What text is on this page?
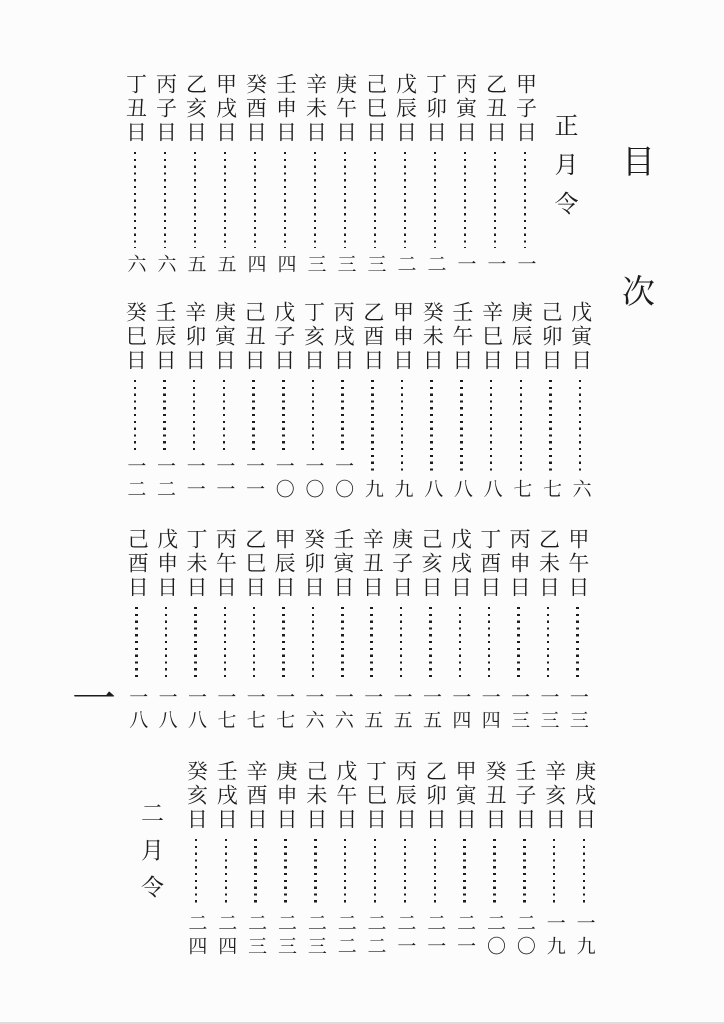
目次
正月令
甲子日
一
乙丑日
一
丙寅日
一
丁卯日
二
戊辰日
二
己巳日
三
庚午日
三
辛未日
三
壬申日
四
癸酉日
四
甲戌日
五
乙亥日
五
丙子日
六
丁丑日
六
戊寅日
六
己卯日
七
庚辰日
七
辛巳日
八
壬午日
八
癸未日
八
甲申日
九
乙酉日
九
丙戌日
一〇
丁亥日
一〇
戊子日
一〇
己丑日
一一
庚寅日
一一
辛卯日
一一
壬辰日
一二
癸巳日
一二
甲午日
一三
乙未日
一三
丙申日
一三
丁酉日
一四
戊戌日
一四
己亥日
一五
庚子日
一五
辛丑日
一五
壬寅日
一六
癸卯日
一六
甲辰日
一七
乙巳日
一七
丙午日
一七
丁未日
一八
戊申日
一八
己酉日
一八
庚戌日
一九
辛亥日
一九
壬子日
二〇
癸丑日
二〇
甲寅日
二一
乙卯日
二一
丙辰日
二一
丁巳日
二二
戊午日
二二
己未日
二三
庚申日
二三
辛酉日
二三
壬戌日
二四
癸亥日
二四
二月令
一
